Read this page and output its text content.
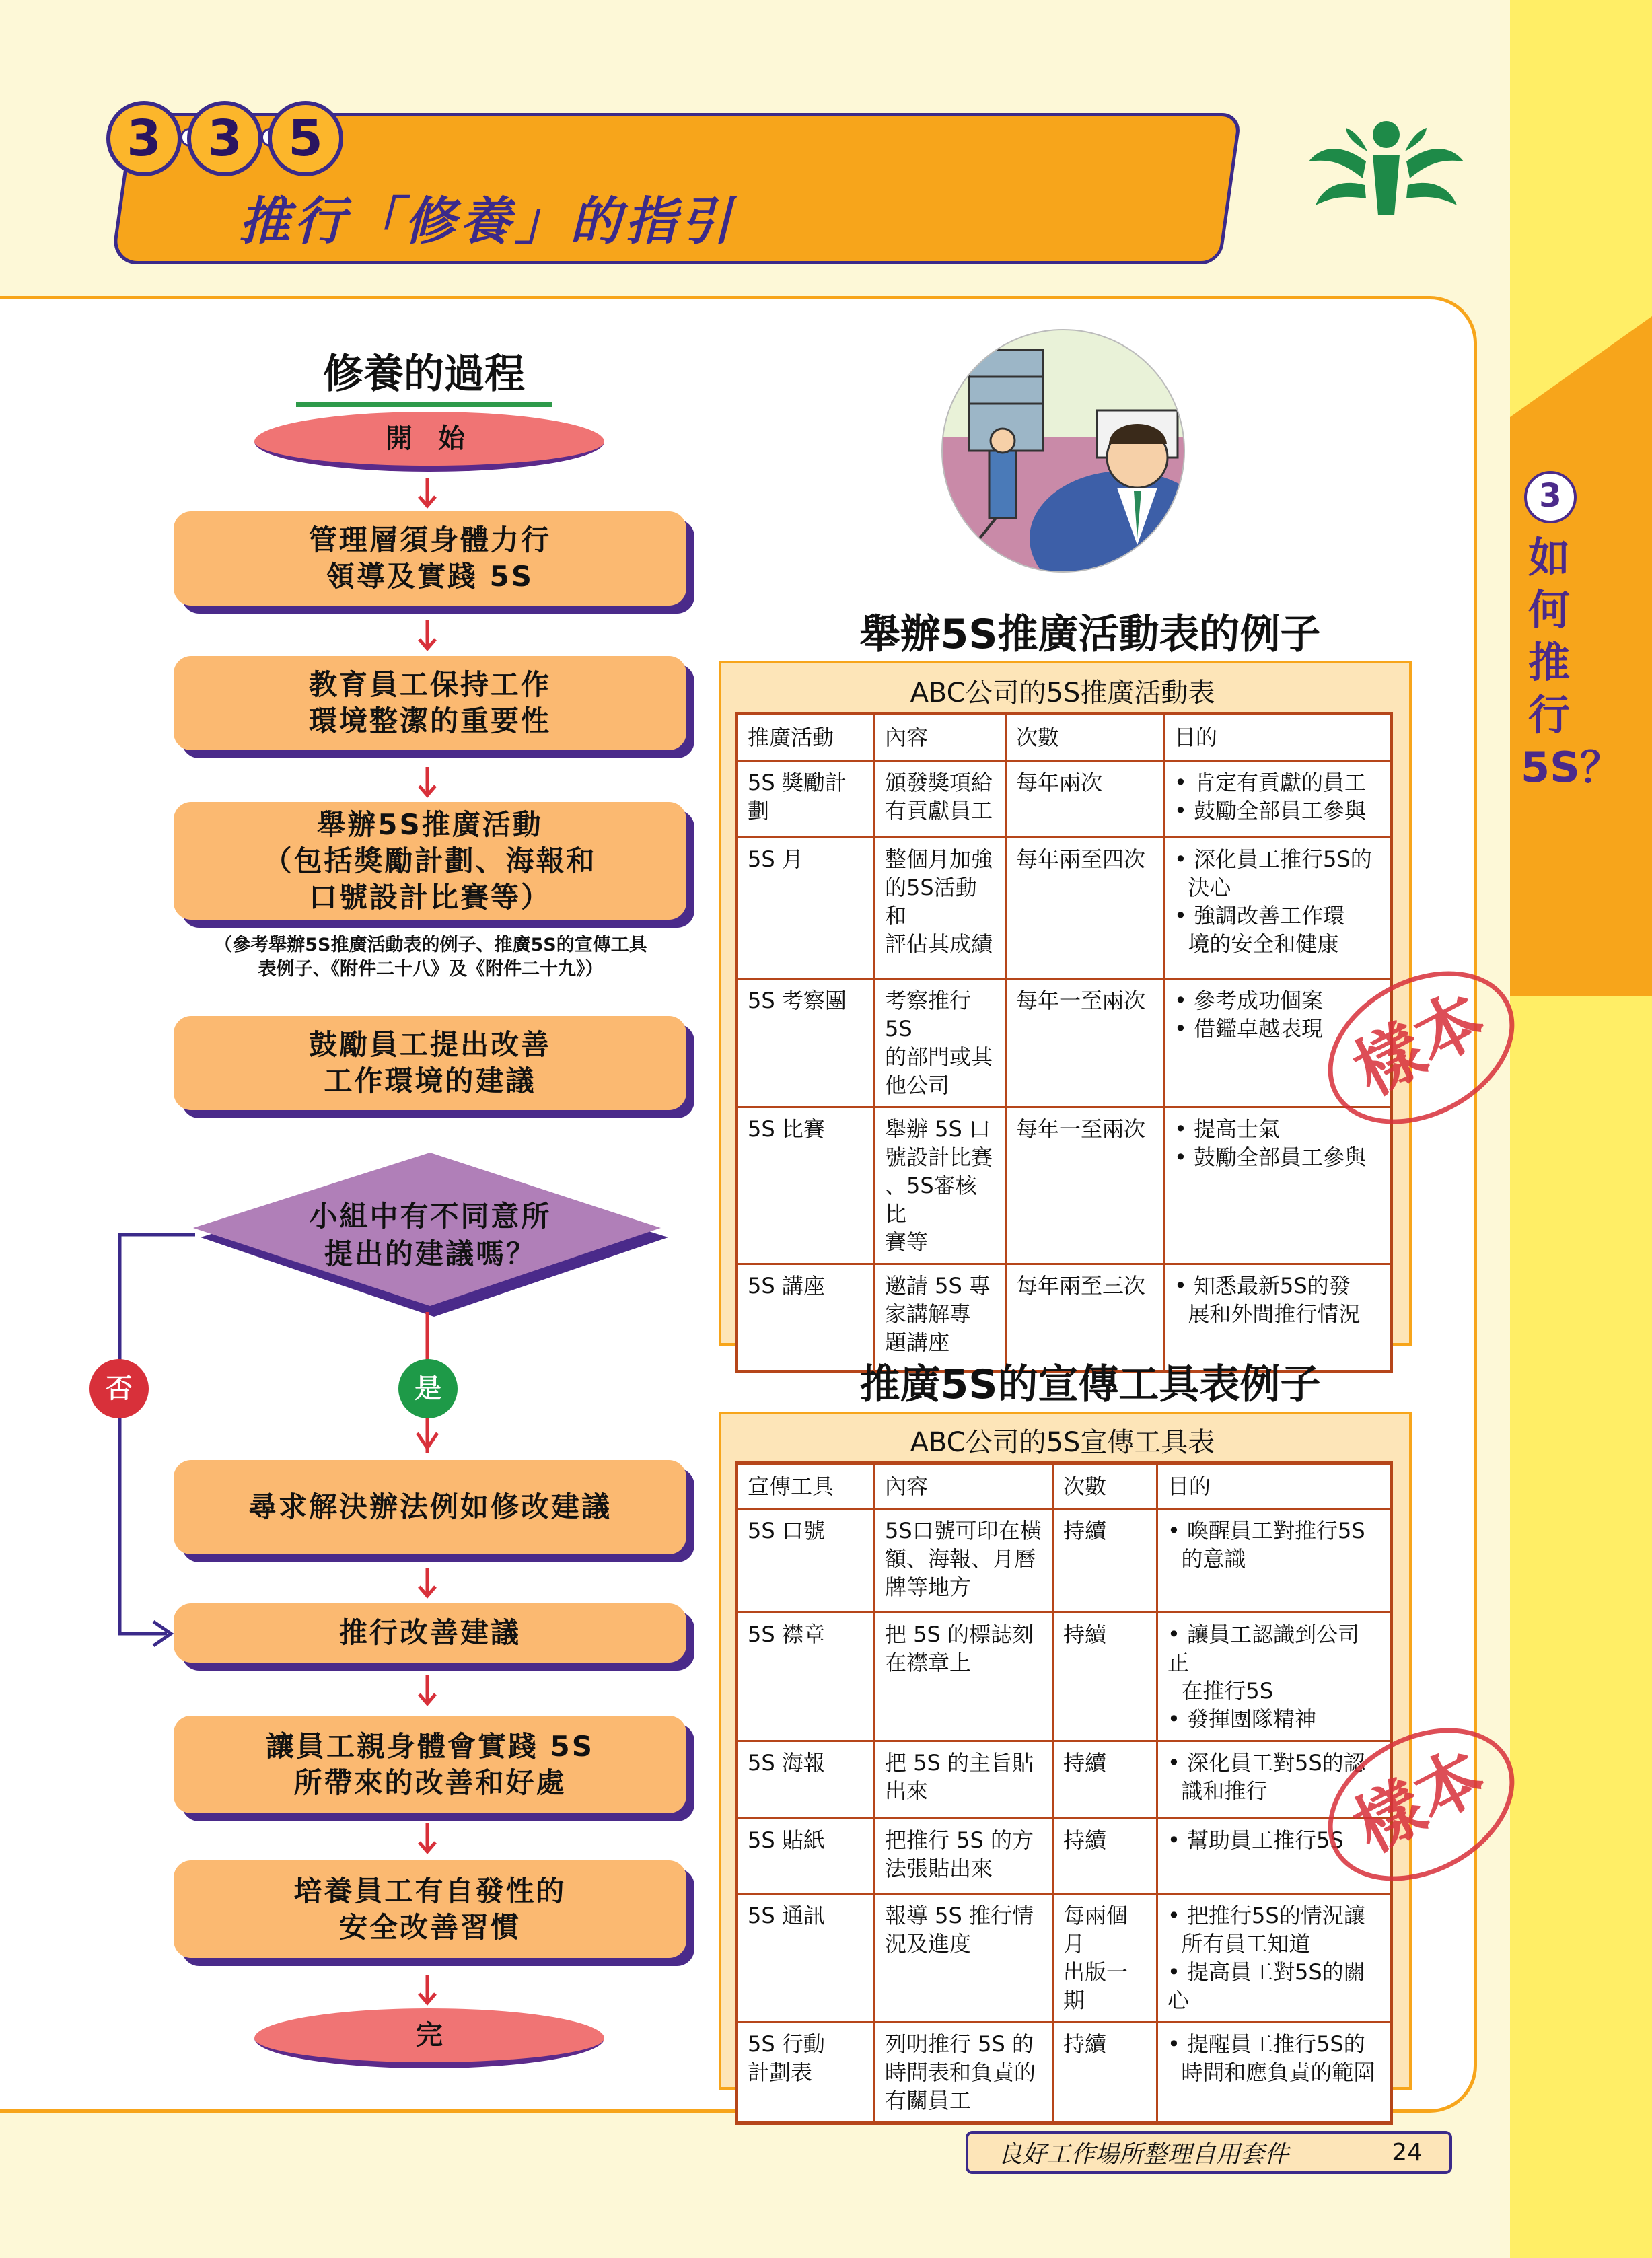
3
如何推行5S？
3 3 5
推行「修養」的指引
修養的過程
開 始
管理層須身體力行
領導及實踐 5S
教育員工保持工作
環境整潔的重要性
舉辦5S推廣活動
（包括獎勵計劃、海報和
口號設計比賽等）
（參考舉辦5S推廣活動表的例子、推廣5S的宣傳工具
表例子、《附件二十八》及《附件二十九》）
鼓勵員工提出改善
工作環境的建議
小組中有不同意所
提出的建議嗎？
否	是
尋求解決辦法例如修改建議
推行改善建議
讓員工親身體會實踐 5S
所帶來的改善和好處
培養員工有自發性的
安全改善習慣
完
舉辦5S推廣活動表的例子
ABC公司的5S推廣活動表
推廣活動	內容	次數	目的
5S 獎勵計劃	頒發獎項給
有貢獻員工	每年兩次	• 肯定有貢獻的員工
• 鼓勵全部員工參與
5S 月	整個月加強
的5S活動和
評估其成績	每年兩至四次	• 深化員工推行5S的
決心
• 強調改善工作環
境的安全和健康
5S 考察團	考察推行5S
的部門或其
他公司	每年一至兩次	• 參考成功個案
• 借鑑卓越表現
5S 比賽	舉辦 5S 口
號設計比賽
、5S審核比
賽等	每年一至兩次	• 提高士氣
• 鼓勵全部員工參與
5S 講座	邀請 5S 專
家講解專
題講座	每年兩至三次	• 知悉最新5S的發
展和外間推行情況
樣本
推廣5S的宣傳工具表例子
ABC公司的5S宣傳工具表
宣傳工具	內容	次數	目的
5S 口號	5S口號可印在橫
額、海報、月曆
牌等地方	持續	• 喚醒員工對推行5S
的意識
5S 襟章	把 5S 的標誌刻
在襟章上	持續	• 讓員工認識到公司正
在推行5S
• 發揮團隊精神
5S 海報	把 5S 的主旨貼
出來	持續	• 深化員工對5S的認
識和推行
5S 貼紙	把推行 5S 的方
法張貼出來	持續	• 幫助員工推行5S
5S 通訊	報導 5S 推行情
況及進度	每兩個月
出版一期	• 把推行5S的情況讓
所有員工知道
• 提高員工對5S的關心
5S 行動
計劃表	列明推行 5S 的
時間表和負責的
有關員工	持續	• 提醒員工推行5S的
時間和應負責的範圍
樣本
良好工作場所整理自用套件	24
